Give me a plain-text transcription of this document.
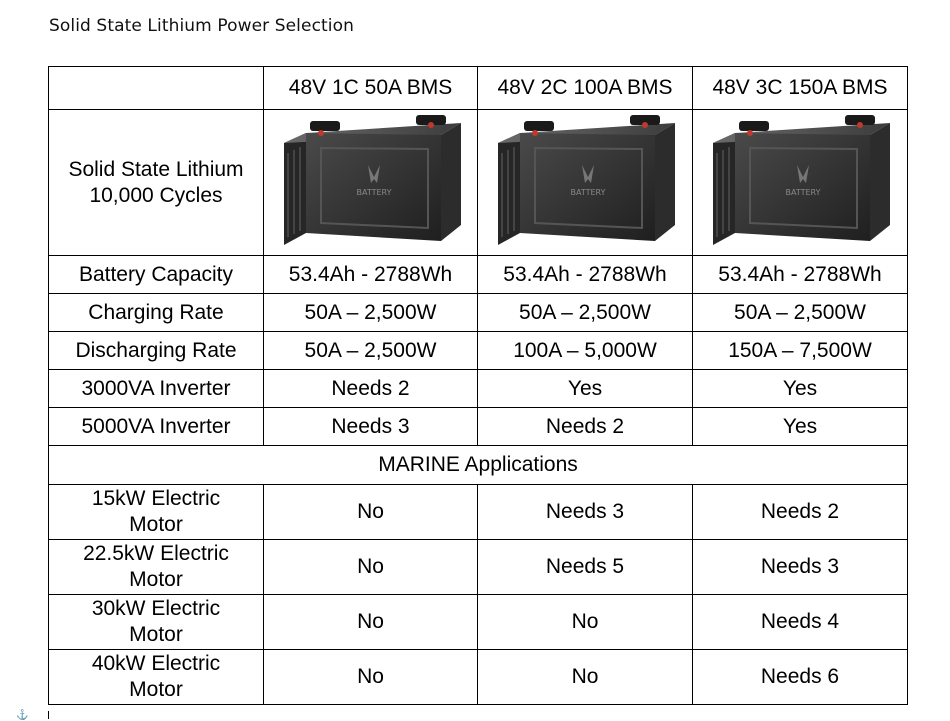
Solid State Lithium Power Selection
	48V 1C 50A BMS	48V 2C 100A BMS	48V 3C 150A BMS

Solid State Lithium
10,000 Cycles	BATTERY	BATTERY	BATTERY

Battery Capacity	53.4Ah - 2788Wh	53.4Ah - 2788Wh	53.4Ah - 2788Wh
Charging Rate	50A – 2,500W	50A – 2,500W	50A – 2,500W
Discharging Rate	50A – 2,500W	100A – 5,000W	150A – 7,500W
3000VA Inverter	Needs 2	Yes	Yes
5000VA Inverter	Needs 3	Needs 2	Yes
MARINE Applications			

15kW Electric
Motor	No	Needs 3	Needs 2

22.5kW Electric
Motor	No	Needs 5	Needs 3

30kW Electric
Motor	No	No	Needs 4

40kW Electric
Motor	No	No	Needs 6
⚓
